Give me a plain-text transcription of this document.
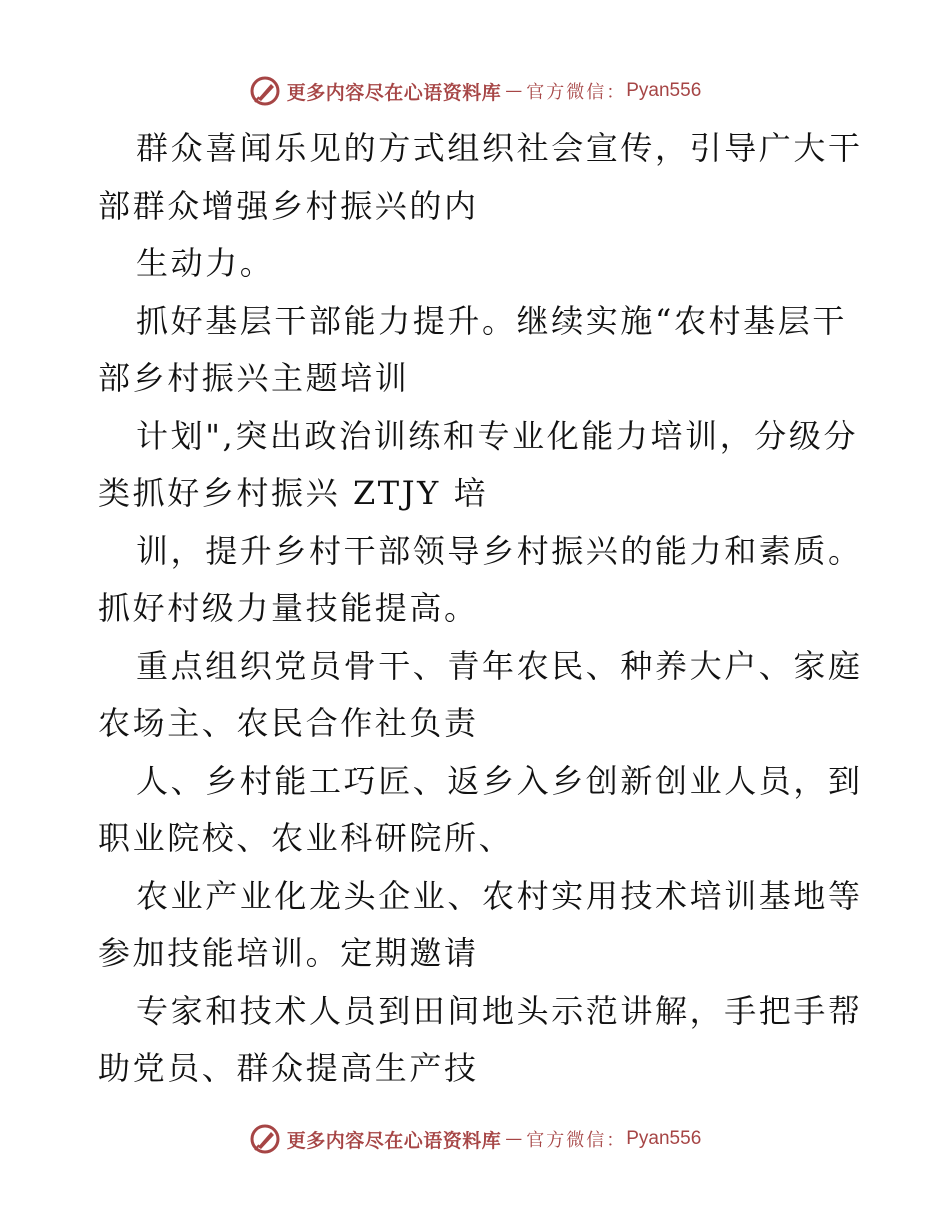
更多内容尽在心语资料库 — 官方微信： Pyan556
群众喜闻乐见的方式组织社会宣传，引导广大干
部群众增强乡村振兴的内
生动力。
抓好基层干部能力提升。继续实施“农村基层干
部乡村振兴主题培训
计划",突出政治训练和专业化能力培训，分级分
类抓好乡村振兴 ZTJY 培
训，提升乡村干部领导乡村振兴的能力和素质。
抓好村级力量技能提高。
重点组织党员骨干、青年农民、种养大户、家庭
农场主、农民合作社负责
人、乡村能工巧匠、返乡入乡创新创业人员，到
职业院校、农业科研院所、
农业产业化龙头企业、农村实用技术培训基地等
参加技能培训。定期邀请
专家和技术人员到田间地头示范讲解，手把手帮
助党员、群众提高生产技
更多内容尽在心语资料库 — 官方微信： Pyan556
